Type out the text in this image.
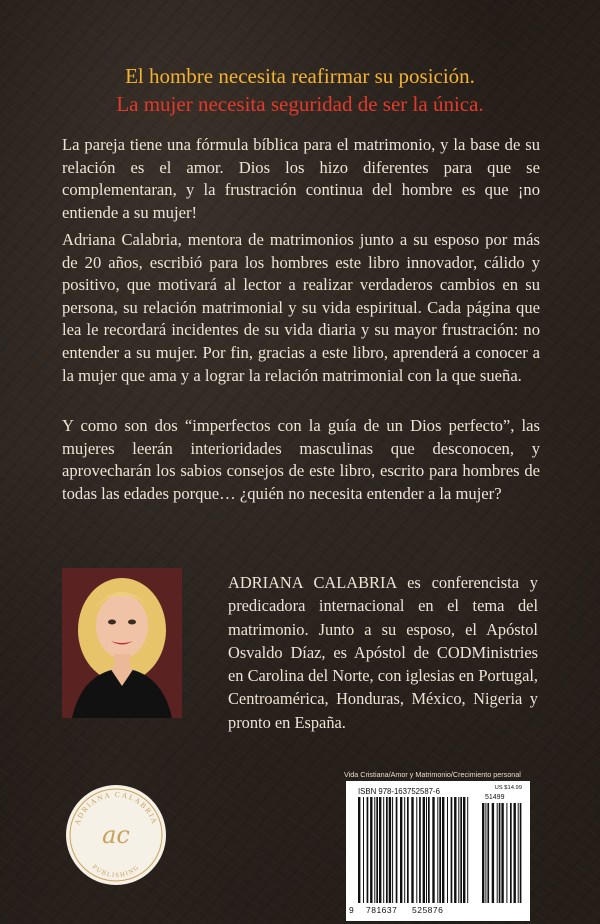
El hombre necesita reafirmar su posición.
La mujer necesita seguridad de ser la única.

La pareja tiene una fórmula bíblica para el matrimonio, y la base de su relación es el amor. Dios los hizo diferentes para que se complementaran, y la frustración continua del hombre es que ¡no entiende a su mujer!

Adriana Calabria, mentora de matrimonios junto a su esposo por más de 20 años, escribió para los hombres este libro innovador, cálido y positivo, que motivará al lector a realizar verdaderos cambios en su persona, su relación matrimonial y su vida espiritual. Cada página que lea le recordará incidentes de su vida diaria y su mayor frustración: no entender a su mujer. Por fin, gracias a este libro, aprenderá a conocer a la mujer que ama y a lograr la relación matrimonial con la que sueña.

Y como son dos “imperfectos con la guía de un Dios perfecto”, las mujeres leerán interioridades masculinas que desconocen, y aprovecharán los sabios consejos de este libro, escrito para hombres de todas las edades porque… ¿quién no necesita entender a la mujer?

ADRIANA CALABRIA es conferencista y predicadora internacional en el tema del matrimonio. Junto a su esposo, el Apóstol Osvaldo Díaz, es Apóstol de CODMinistries en Carolina del Norte, con iglesias en Portugal, Centroamérica, Honduras, México, Nigeria y pronto en España.

ADRIANA CALABRIA
PUBLISHING
ac
Vida Cristiana/Amor y Matrimonio/Crecimiento personal
ISBN 978-163752587-6	US $14.99
51499
9 781637 525876
